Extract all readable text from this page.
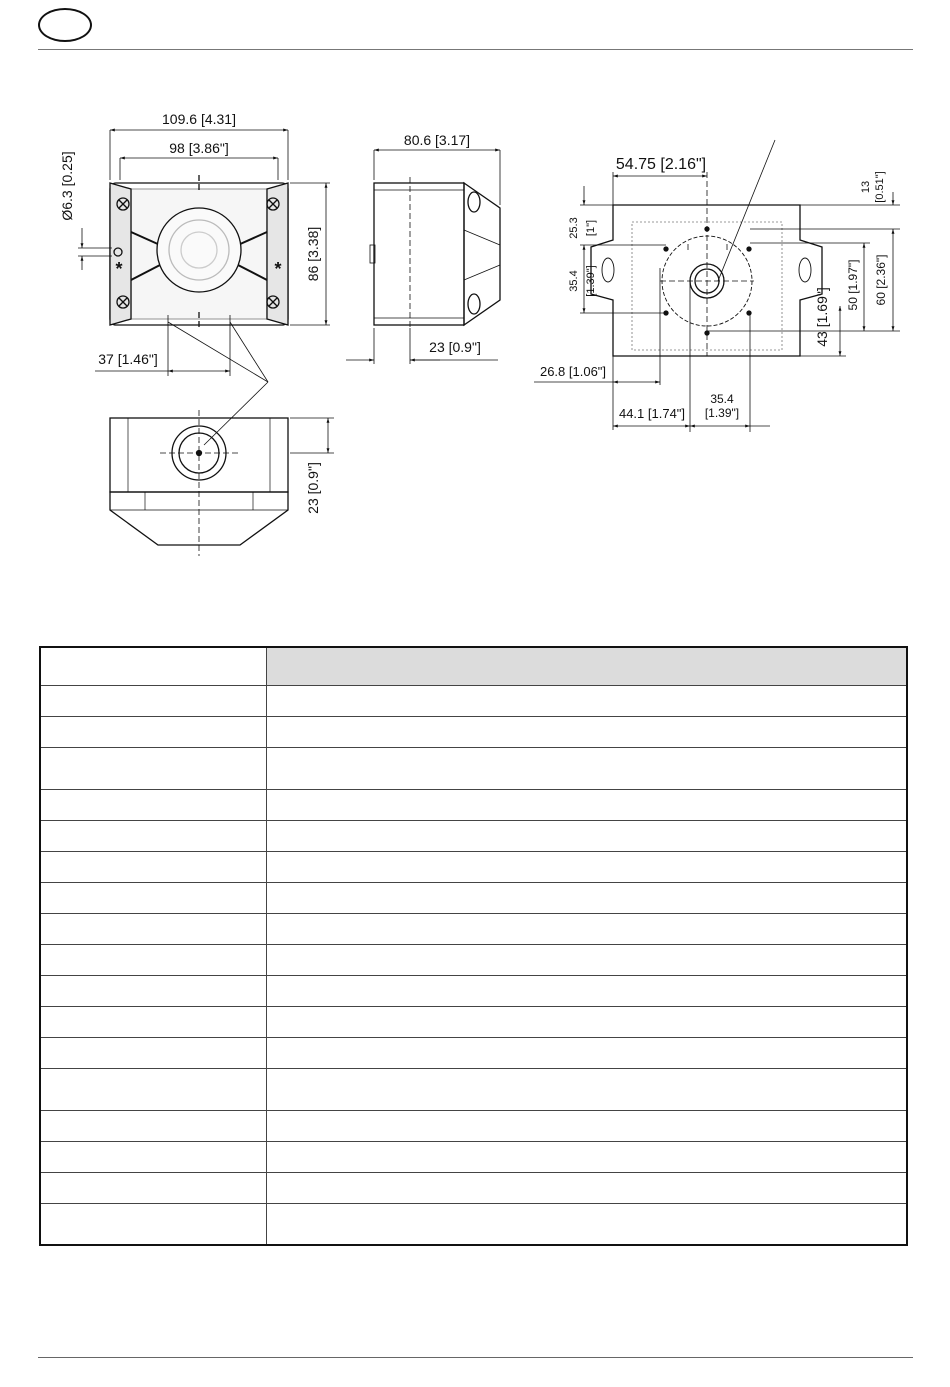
109.6 [4.31]
98 [3.86"]
Ø6.3 [0.25]
86 [3.38]
37 [1.46"]
*	*
80.6 [3.17]
23 [0.9"]
23 [0.9"]
54.75 [2.16"]
13 [0.51"]
25.3 [1"]
35.4 [1.39"]	60 [2.36"]
50 [1.97"]
43 [1.69"]
26.8 [1.06"]
44.1 [1.74"]
35.4
[1.39"]
